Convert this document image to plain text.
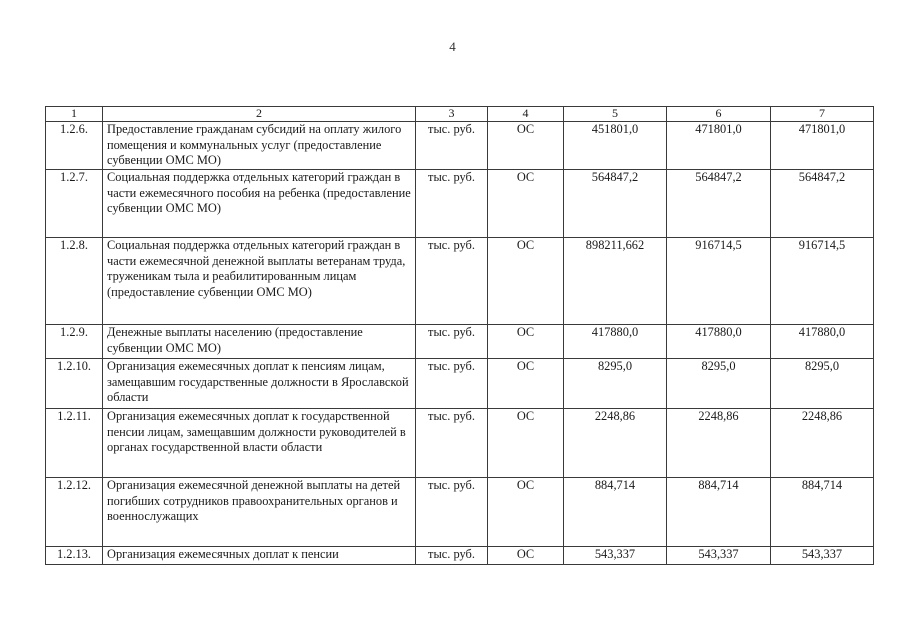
4
1	2	3	4	5	6	7
1.2.6.	Предоставление гражданам субсидий на оплату жилого помещения и коммунальных услуг (предоставление субвенции ОМС МО)	тыс. руб.	ОС	451801,0	471801,0	471801,0
1.2.7.	Социальная поддержка отдельных категорий граждан в части ежемесячного пособия на ребенка (предоставление субвенции ОМС МО)	тыс. руб.	ОС	564847,2	564847,2	564847,2
1.2.8.	Социальная поддержка отдельных категорий граждан в части ежемесячной денежной выплаты ветеранам труда, труженикам тыла и реабилитированным лицам (предоставление субвенции ОМС МО)	тыс. руб.	ОС	898211,662	916714,5	916714,5
1.2.9.	Денежные выплаты населению (предоставление субвенции ОМС МО)	тыс. руб.	ОС	417880,0	417880,0	417880,0
1.2.10.	Организация ежемесячных доплат к пенсиям лицам, замещавшим государственные должности в Ярославской области	тыс. руб.	ОС	8295,0	8295,0	8295,0
1.2.11.	Организация ежемесячных доплат к государственной пенсии лицам, замещавшим должности руководителей в органах государственной власти области	тыс. руб.	ОС	2248,86	2248,86	2248,86
1.2.12.	Организация ежемесячной денежной выплаты на детей погибших сотрудников правоохранительных органов и военнослужащих	тыс. руб.	ОС	884,714	884,714	884,714
1.2.13.	Организация ежемесячных доплат к пенсии	тыс. руб.	ОС	543,337	543,337	543,337
